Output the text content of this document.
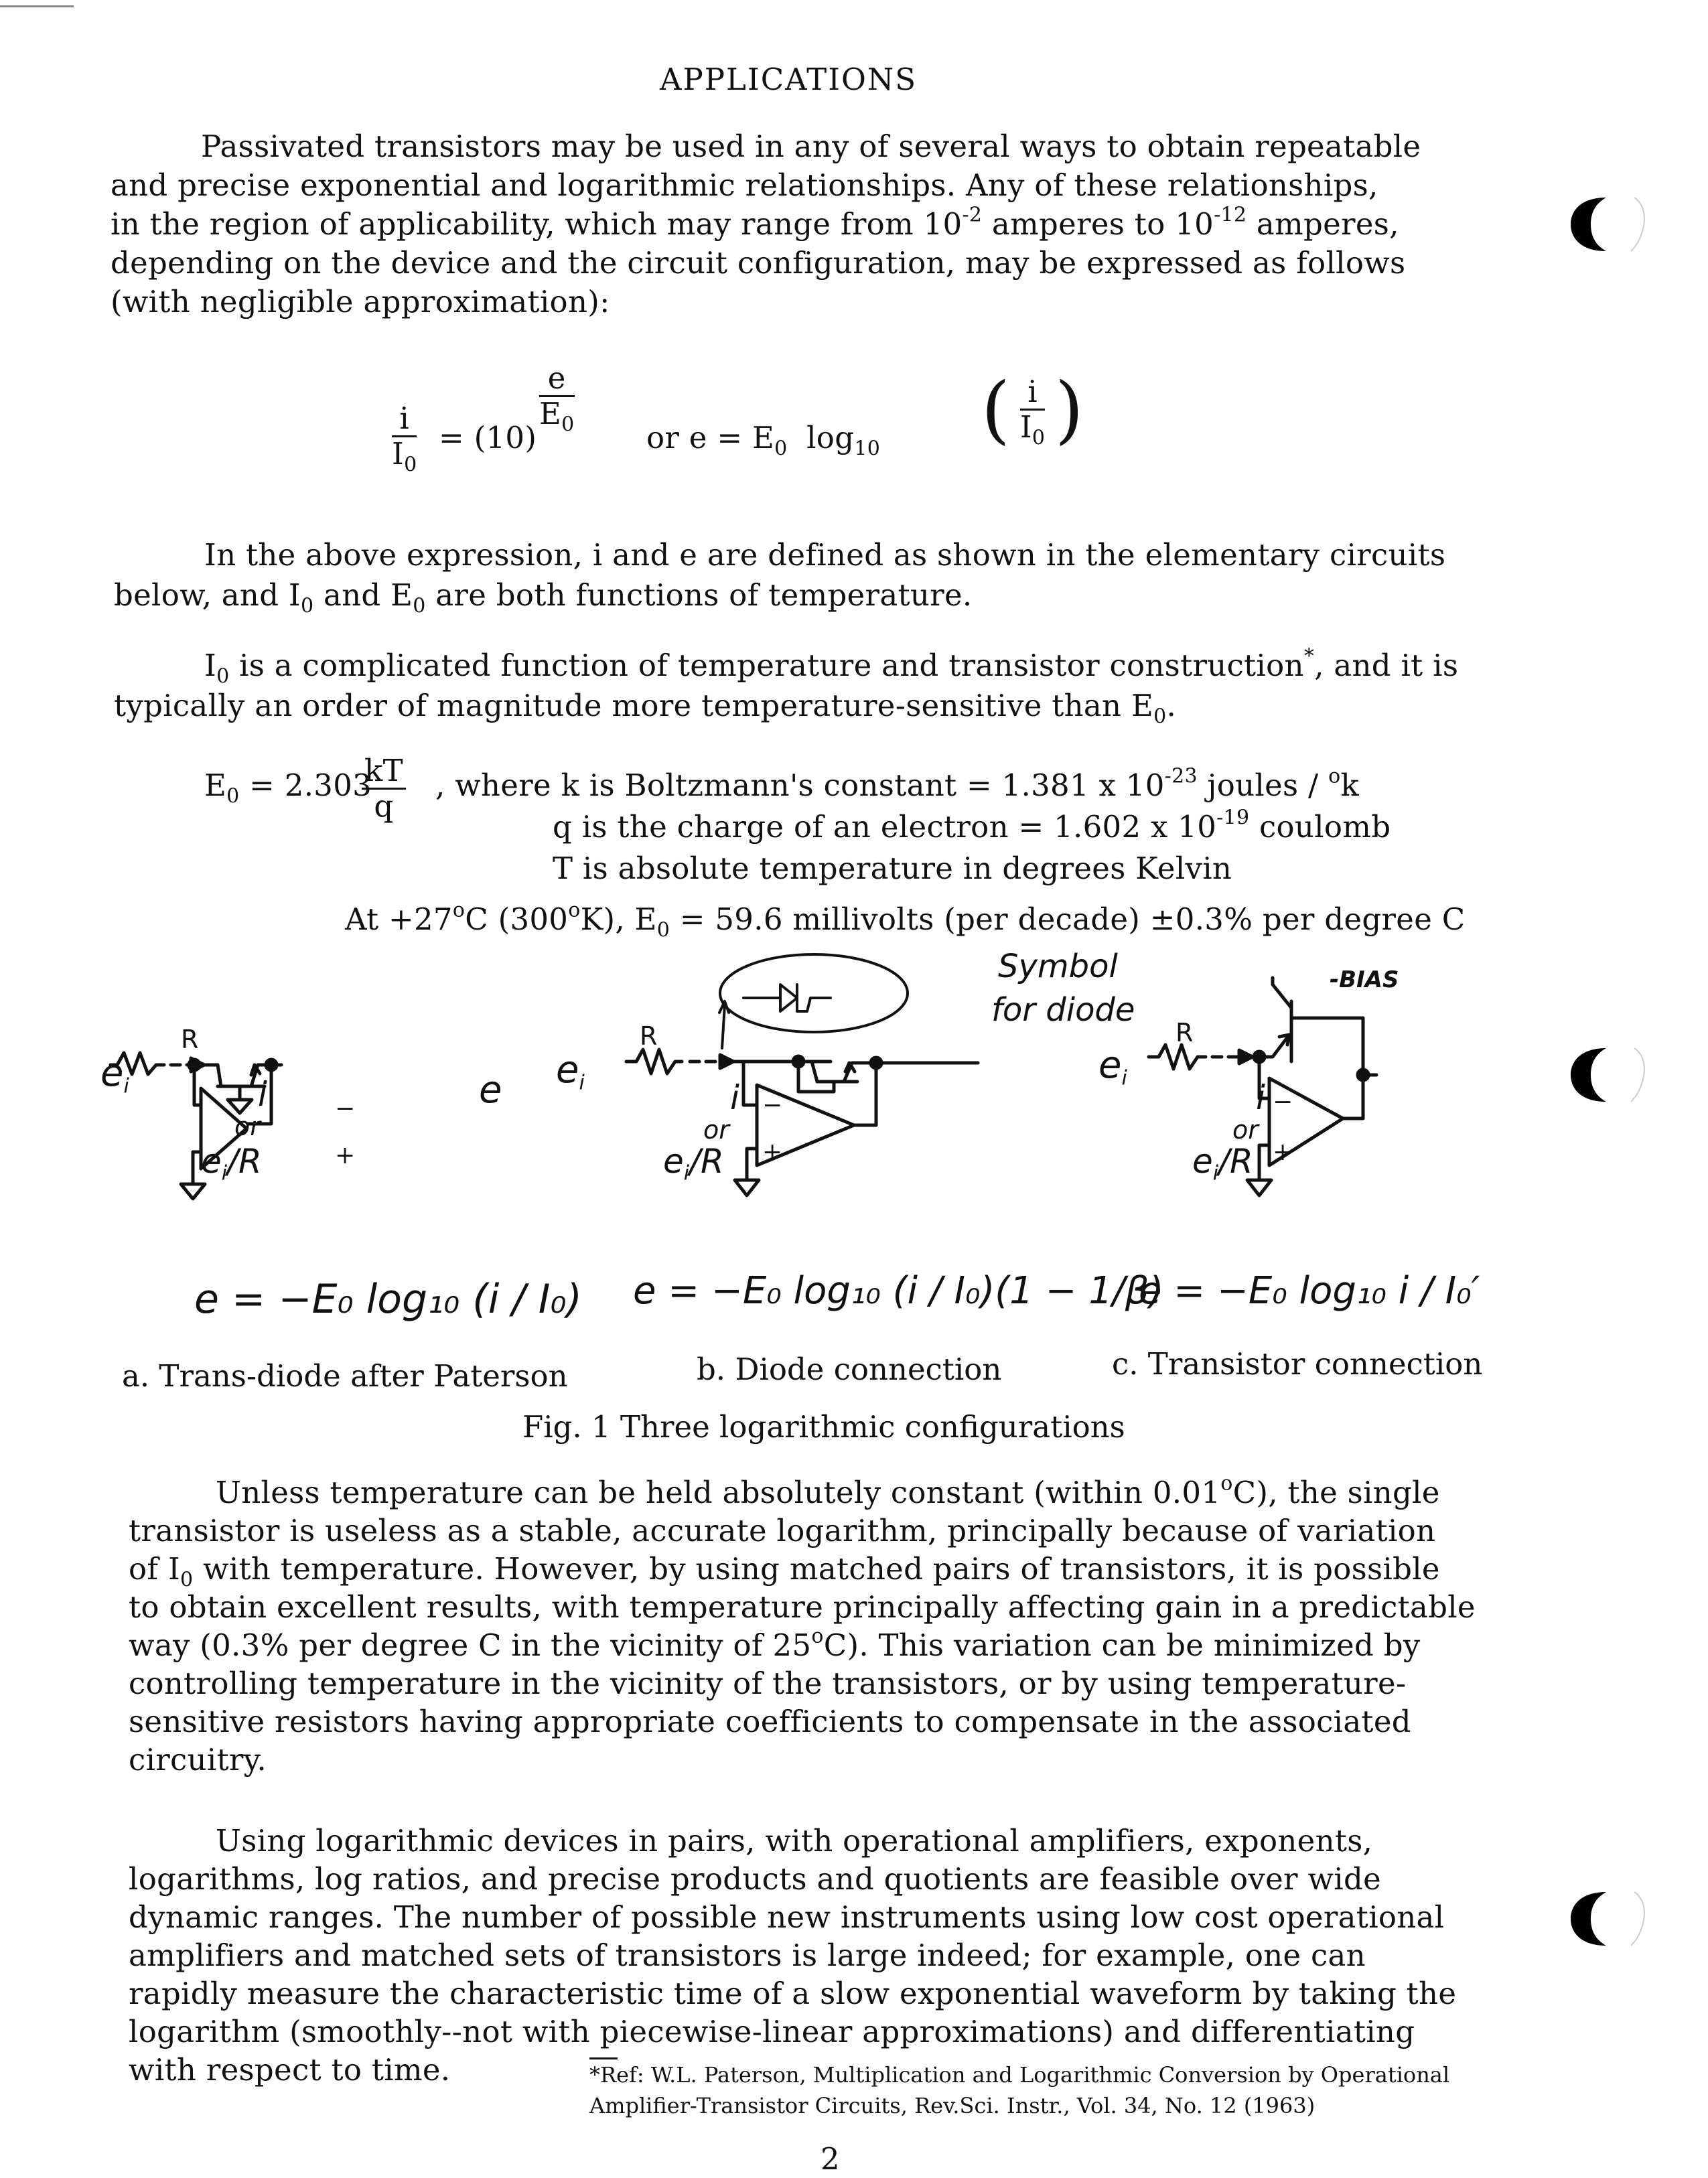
APPLICATIONS
Passivated transistors may be used in any of several ways to obtain repeatable
and precise exponential and logarithmic relationships. Any of these relationships,
in the region of applicability, which may range from $10^{-2}$ amperes to $10^{-12}$ amperes,
depending on the device and the circuit configuration, may be expressed as follows
(with negligible approximation):
$\frac{i}{I_0} = (10)$
$\frac{e}{E_0}$
or $e = E_0$ $\log_{10}$ ( $\frac{i}{I_0}$ )
In the above expression, i and e are defined as shown in the elementary circuits
below, and $I_0$ and $E_0$ are both functions of temperature.
$I_0$ is a complicated function of temperature and transistor construction*, and it is
typically an order of magnitude more temperature-sensitive than $E_0$.
$E_0 = 2.303$
$\frac{kT}{q}$ , where k is Boltzmann's constant = 1.381 x $10^{-23}$ joules / $^o$k
q is the charge of an electron = 1.602 x $10^{-19}$ coulomb
T is absolute temperature in degrees Kelvin
$At +27^oC$ (300$^o$K), $E_0 = 59.6$ millivolts (per decade) ±0.3% per degree C
Symbol
for diode
-BIAS
R
$e_i$	i
or
$e_i/R$
e
−
+
R
$e_i$	i
or
$e_i/R$
−
+
R
$e_i$	i
or
$e_i/R$
−
+
e = −E₀ log₁₀ (i / I₀) e = −E₀ log₁₀ (i / I₀)(1 − 1/β)
e = −E₀ log₁₀ i / I₀′
a. Trans-diode after Paterson	b. Diode connection	c. Transistor connection
Fig. 1 Three logarithmic configurations
Unless temperature can be held absolutely constant (within 0.01$^o$C), the single
transistor is useless as a stable, accurate logarithm, principally because of variation
of $I_0$ with temperature. However, by using matched pairs of transistors, it is possible
to obtain excellent results, with temperature principally affecting gain in a predictable
way (0.3% per degree C in the vicinity of 25$^o$C). This variation can be minimized by
controlling temperature in the vicinity of the transistors, or by using temperature-
sensitive resistors having appropriate coefficients to compensate in the associated
circuitry.
Using logarithmic devices in pairs, with operational amplifiers, exponents,
logarithms, log ratios, and precise products and quotients are feasible over wide
dynamic ranges. The number of possible new instruments using low cost operational
amplifiers and matched sets of transistors is large indeed; for example, one can
rapidly measure the characteristic time of a slow exponential waveform by taking the
logarithm (smoothly--not with piecewise-linear approximations) and differentiating
with respect to time.	*Ref: W.L. Paterson, Multiplication and Logarithmic Conversion by Operational
Amplifier-Transistor Circuits, Rev.Sci. Instr., Vol. 34, No. 12 (1963)
2
